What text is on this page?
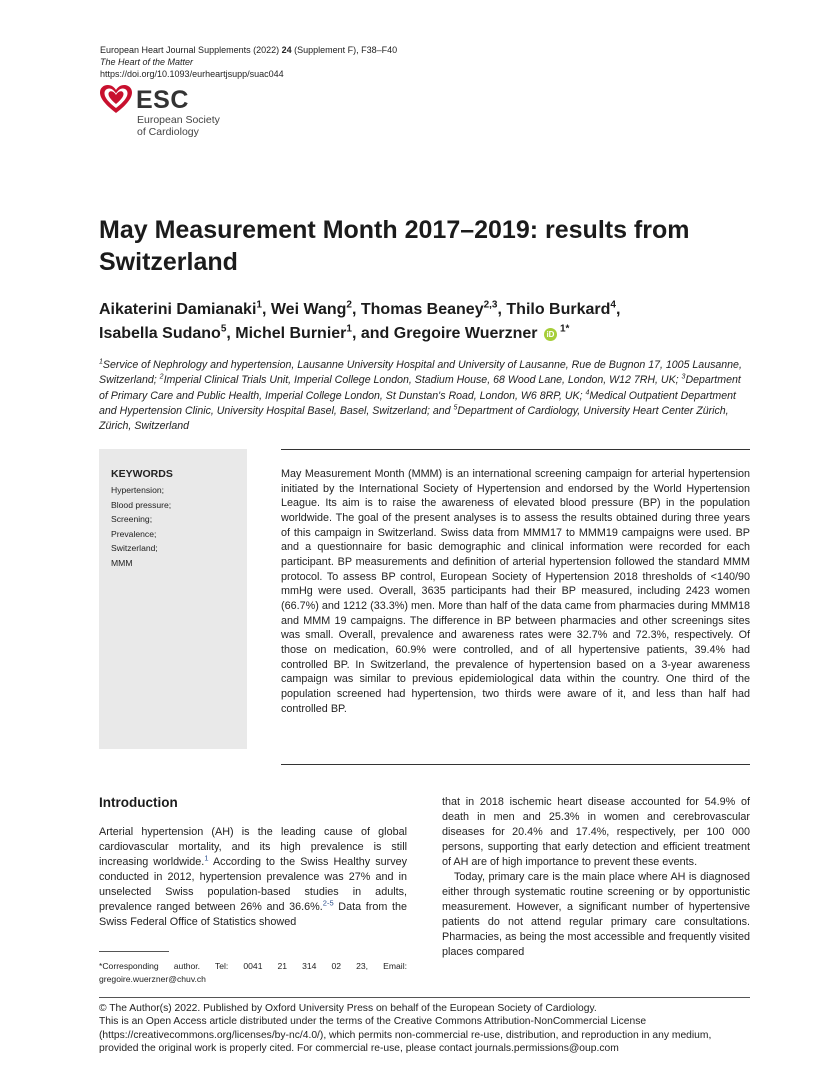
European Heart Journal Supplements (2022) 24 (Supplement F), F38–F40
The Heart of the Matter
https://doi.org/10.1093/eurheartjsupp/suac044
ESC
European Society
of Cardiology
May Measurement Month 2017–2019: results from Switzerland
Aikaterini Damianaki$^1$, Wei Wang$^2$, Thomas Beaney$^{2,3}$, Thilo Burkard$^4$,
Isabella Sudano$^5$, Michel Burnier$^1$, and Gregoire Wuerzner iD $^{1*}$
$^1$Service of Nephrology and hypertension, Lausanne University Hospital and University of Lausanne, Rue de Bugnon 17, 1005 Lausanne, Switzerland; $^2$Imperial Clinical Trials Unit, Imperial College London, Stadium House, 68 Wood Lane, London, W12 7RH, UK; $^3$Department of Primary Care and Public Health, Imperial College London, St Dunstan's Road, London, W6 8RP, UK; $^4$Medical Outpatient Department and Hypertension Clinic, University Hospital Basel, Basel, Switzerland; and $^5$Department of Cardiology, University Heart Center Zürich, Zürich, Switzerland
KEYWORDS
Hypertension;
Blood pressure;
Screening;
Prevalence;
Switzerland;
MMM
May Measurement Month (MMM) is an international screening campaign for arterial hypertension initiated by the International Society of Hypertension and endorsed by the World Hypertension League. Its aim is to raise the awareness of elevated blood pressure (BP) in the population worldwide. The goal of the present analyses is to assess the results obtained during three years of this campaign in Switzerland. Swiss data from MMM17 to MMM19 campaigns were used. BP and a questionnaire for basic demographic and clinical information were recorded for each participant. BP measurements and definition of arterial hypertension followed the standard MMM protocol. To assess BP control, European Society of Hypertension 2018 thresholds of <140/90 mmHg were used. Overall, 3635 participants had their BP measured, including 2423 women (66.7%) and 1212 (33.3%) men. More than half of the data came from pharmacies during MMM18 and MMM 19 campaigns. The difference in BP between pharmacies and other screenings sites was small. Overall, prevalence and awareness rates were 32.7% and 72.3%, respectively. Of those on medication, 60.9% were controlled, and of all hypertensive patients, 39.4% had controlled BP. In Switzerland, the prevalence of hypertension based on a 3-year awareness campaign was similar to previous epidemiological data within the country. One third of the population screened had hypertension, two thirds were aware of it, and less than half had controlled BP.
Introduction
Arterial hypertension (AH) is the leading cause of global cardiovascular mortality, and its high prevalence is still increasing worldwide.$^1$ According to the Swiss Healthy survey conducted in 2012, hypertension prevalence was 27% and in unselected Swiss population-based studies in adults, prevalence ranged between 26% and 36.6%.$^{2-5}$ Data from the Swiss Federal Office of Statistics showed

that in 2018 ischemic heart disease accounted for 54.9% of death in men and 25.3% in women and cerebrovascular diseases for 20.4% and 17.4%, respectively, per 100 000 persons, supporting that early detection and efficient treatment of AH are of high importance to prevent these events.

Today, primary care is the main place where AH is diagnosed either through systematic routine screening or by opportunistic measurement. However, a significant number of hypertensive patients do not attend regular primary care consultations. Pharmacies, as being the most accessible and frequently visited places compared

*Corresponding author. Tel: 0041 21 314 02 23, Email: gregoire.wuerzner@chuv.ch
© The Author(s) 2022. Published by Oxford University Press on behalf of the European Society of Cardiology.
This is an Open Access article distributed under the terms of the Creative Commons Attribution-NonCommercial License (https://creativecommons.org/licenses/by-nc/4.0/), which permits non-commercial re-use, distribution, and reproduction in any medium, provided the original work is properly cited. For commercial re-use, please contact journals.permissions@oup.com
